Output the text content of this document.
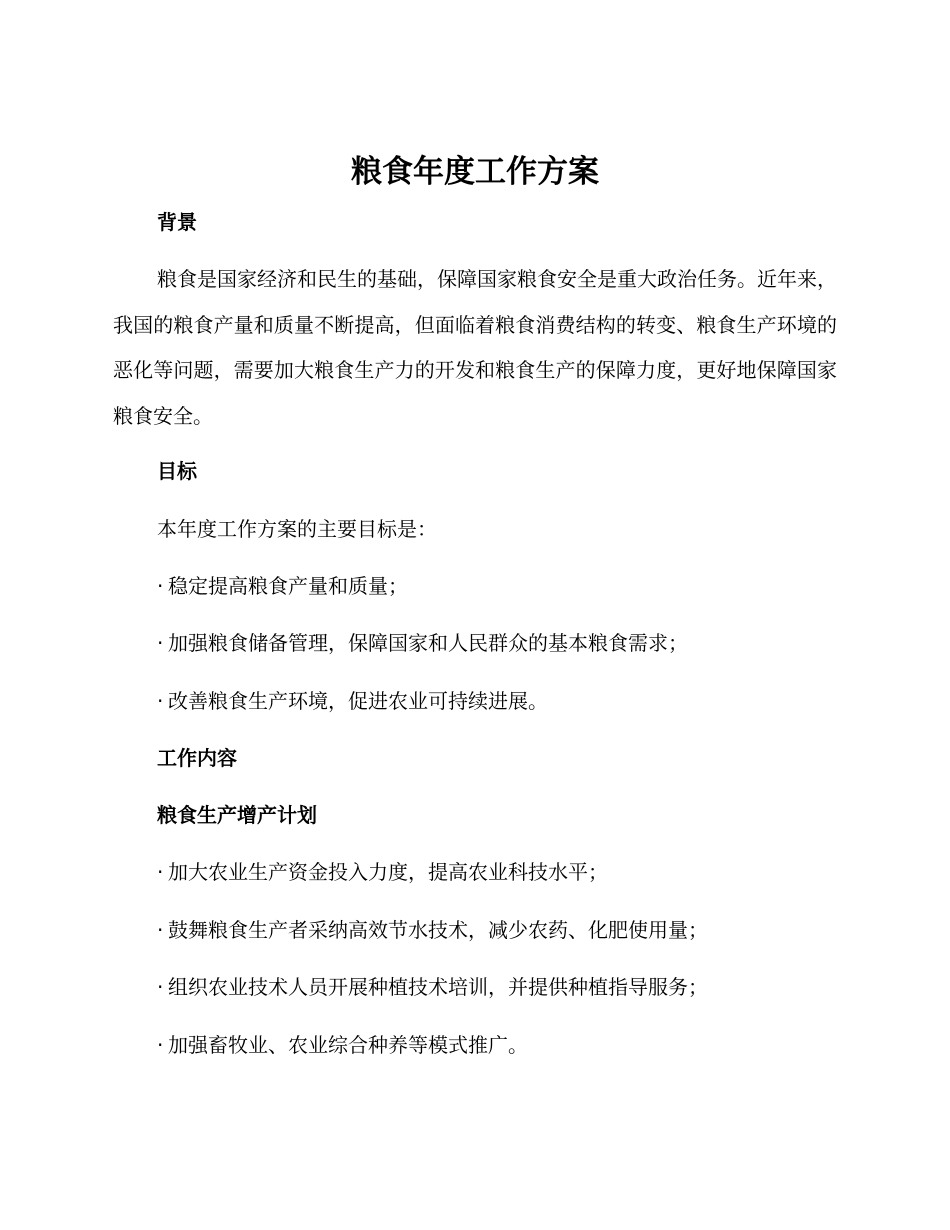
粮食年度工作方案
背景

粮食是国家经济和民生的基础，保障国家粮食安全是重大政治任务。近年来，我国的粮食产量和质量不断提高，但面临着粮食消费结构的转变、粮食生产环境的恶化等问题，需要加大粮食生产力的开发和粮食生产的保障力度，更好地保障国家粮食安全。

目标

本年度工作方案的主要目标是：

· 稳定提高粮食产量和质量；

· 加强粮食储备管理，保障国家和人民群众的基本粮食需求；

· 改善粮食生产环境，促进农业可持续进展。

工作内容
粮食生产增产计划

· 加大农业生产资金投入力度，提高农业科技水平；

· 鼓舞粮食生产者采纳高效节水技术，减少农药、化肥使用量；

· 组织农业技术人员开展种植技术培训，并提供种植指导服务；

· 加强畜牧业、农业综合种养等模式推广。
